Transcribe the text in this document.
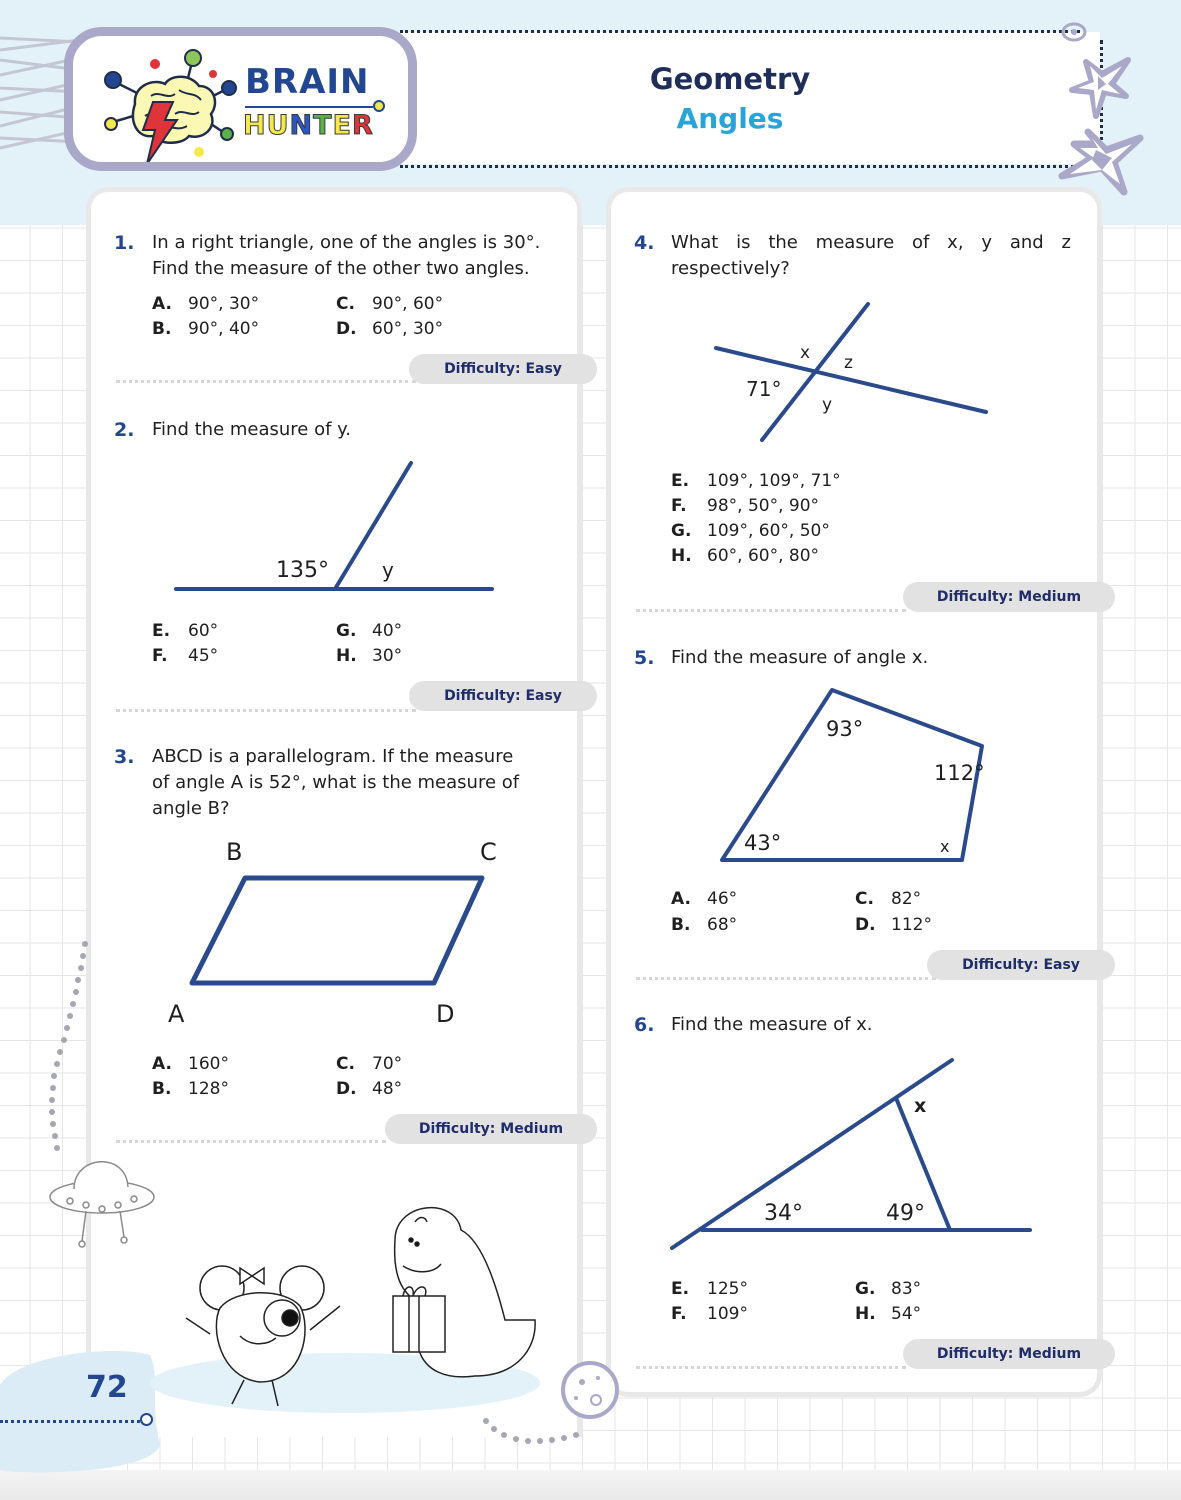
BRAIN
HUNTER
Geometry
Angles
1. In a right triangle, one of the angles is 30°.
Find the measure of the other two angles.
A. 90°, 30°
B. 90°, 40°
C. 90°, 60°
D. 60°, 30°
Difficulty: Easy
2. Find the measure of y.
135°	y
E. 60°
F. 45°
G. 40°
H. 30°
Difficulty: Easy
3. ABCD is a parallelogram. If the measure
of angle A is 52°, what is the measure of
angle B?
B	C
A	D
A. 160°
B. 128°
C. 70°
D. 48°
Difficulty: Medium
4. What is the measure of x, y and z
respectively?
71°
x z
y
E. 109°, 109°, 71°
F. 98°, 50°, 90°
G. 109°, 60°, 50°
H. 60°, 60°, 80°
Difficulty: Medium
5. Find the measure of angle x.
93°
112°
43°	x
A. 46°
B. 68°
C. 82°
D. 112°
Difficulty: Easy
6. Find the measure of x.
34°	49°
x
E. 125°
F. 109°
G. 83°
H. 54°
Difficulty: Medium
72
